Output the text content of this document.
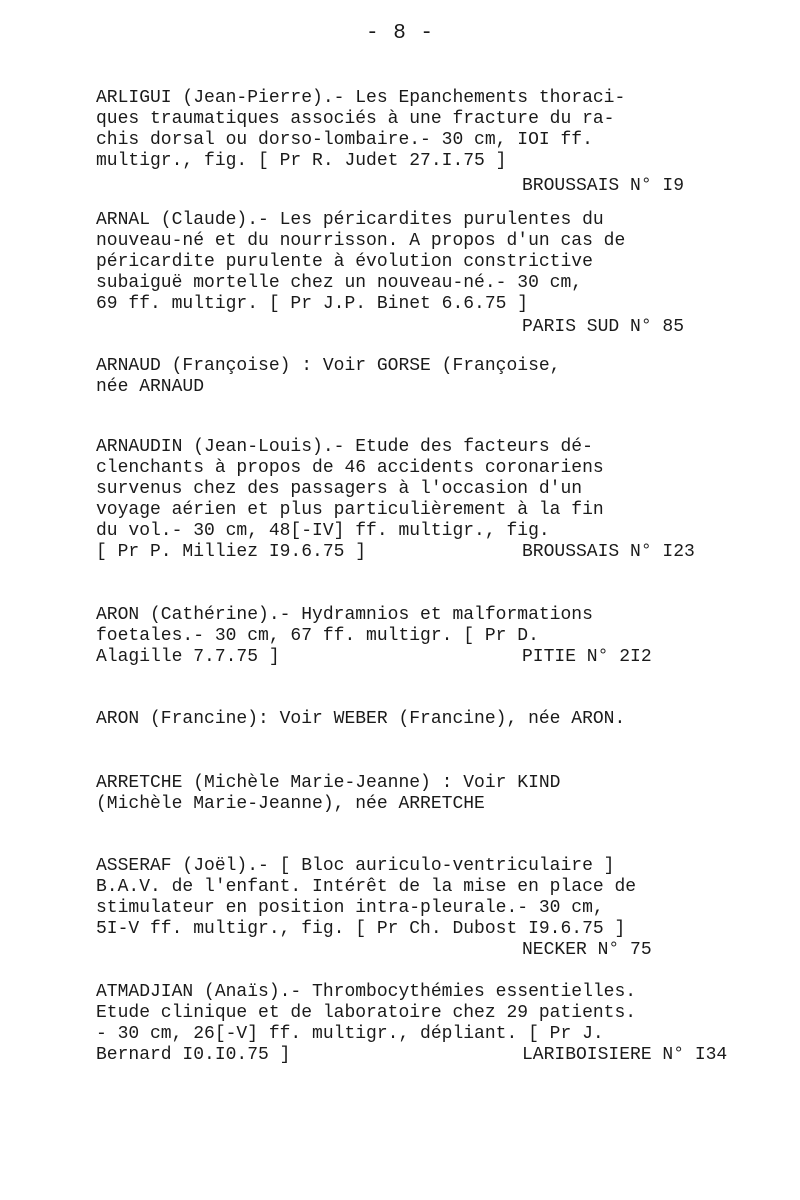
- 8 -
ARLIGUI (Jean-Pierre).- Les Epanchements thoraci-
ques traumatiques associés à une fracture du ra-
chis dorsal ou dorso-lombaire.- 30 cm, IOI ff.
multigr., fig. [ Pr R. Judet 27.I.75 ]
BROUSSAIS N° I9
ARNAL (Claude).- Les péricardites purulentes du
nouveau-né et du nourrisson. A propos d'un cas de
péricardite purulente à évolution constrictive
subaiguë mortelle chez un nouveau-né.- 30 cm,
69 ff. multigr. [ Pr J.P. Binet 6.6.75 ]
PARIS SUD N° 85
ARNAUD (Françoise) : Voir GORSE (Françoise,
née ARNAUD
ARNAUDIN (Jean-Louis).- Etude des facteurs dé-
clenchants à propos de 46 accidents coronariens
survenus chez des passagers à l'occasion d'un
voyage aérien et plus particulièrement à la fin
du vol.- 30 cm, 48[-IV] ff. multigr., fig.
[ Pr P. Milliez I9.6.75 ]	BROUSSAIS N° I23
ARON (Cathérine).- Hydramnios et malformations
foetales.- 30 cm, 67 ff. multigr. [ Pr D.
Alagille 7.7.75 ]	PITIE N° 2I2
ARON (Francine): Voir WEBER (Francine), née ARON.
ARRETCHE (Michèle Marie-Jeanne) : Voir KIND
(Michèle Marie-Jeanne), née ARRETCHE
ASSERAF (Joël).- [ Bloc auriculo-ventriculaire ]
B.A.V. de l'enfant. Intérêt de la mise en place de
stimulateur en position intra-pleurale.- 30 cm,
5I-V ff. multigr., fig. [ Pr Ch. Dubost I9.6.75 ]
NECKER N° 75
ATMADJIAN (Anaïs).- Thrombocythémies essentielles.
Etude clinique et de laboratoire chez 29 patients.
- 30 cm, 26[-V] ff. multigr., dépliant. [ Pr J.
Bernard I0.I0.75 ]	LARIBOISIERE N° I34
